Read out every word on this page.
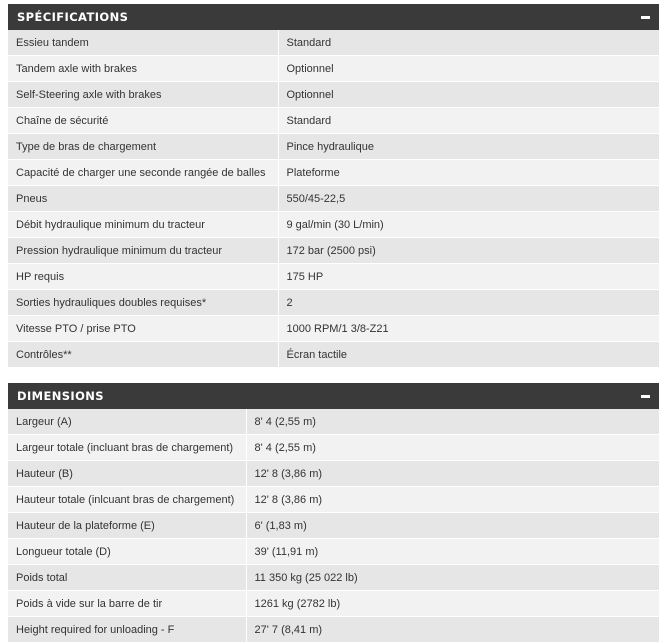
SPÉCIFICATIONS
Essieu tandem	Standard
Tandem axle with brakes	Optionnel
Self-Steering axle with brakes	Optionnel
Chaîne de sécurité	Standard
Type de bras de chargement	Pince hydraulique
Capacité de charger une seconde rangée de balles	Plateforme
Pneus	550/45-22,5
Débit hydraulique minimum du tracteur	9 gal/min (30 L/min)
Pression hydraulique minimum du tracteur	172 bar (2500 psi)
HP requis	175 HP
Sorties hydrauliques doubles requises*	2
Vitesse PTO / prise PTO	1000 RPM/1 3/8-Z21
Contrôles**	Écran tactile
DIMENSIONS
Largeur (A)	8' 4 (2,55 m)
Largeur totale (incluant bras de chargement)	8' 4 (2,55 m)
Hauteur (B)	12' 8 (3,86 m)
Hauteur totale (inlcuant bras de chargement)	12' 8 (3,86 m)
Hauteur de la plateforme (E)	6' (1,83 m)
Longueur totale (D)	39' (11,91 m)
Poids total	11 350 kg (25 022 lb)
Poids à vide sur la barre de tir	1261 kg (2782 lb)
Height required for unloading - F	27' 7 (8,41 m)
